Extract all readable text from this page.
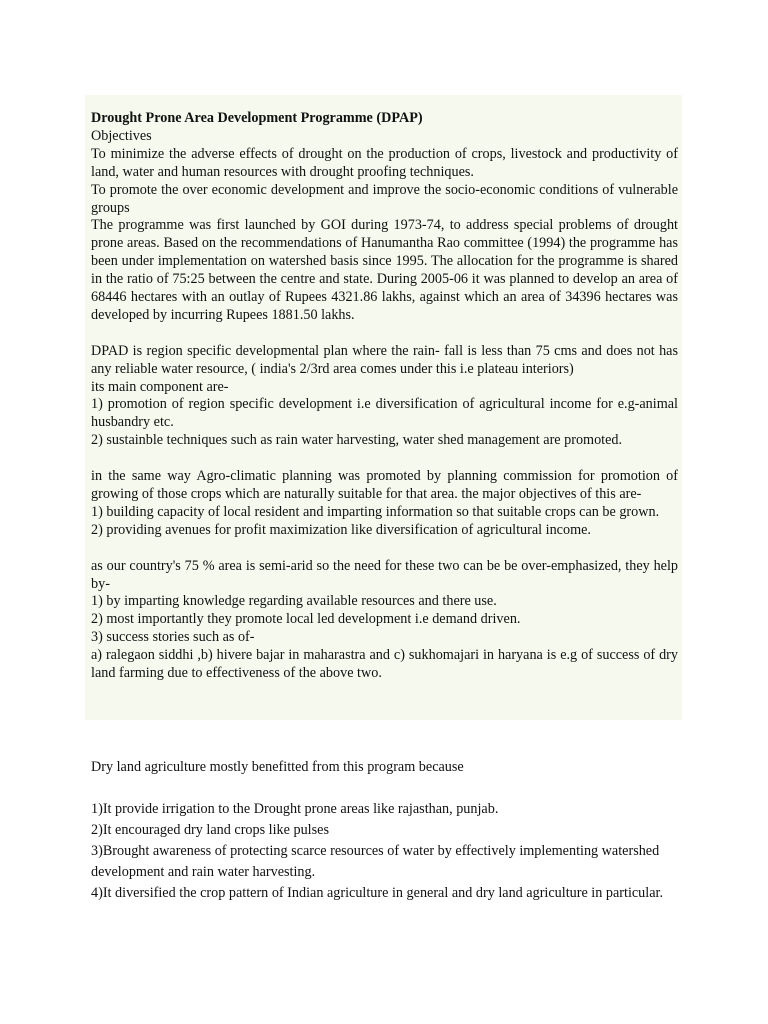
Drought Prone Area Development Programme (DPAP)

Objectives

To minimize the adverse effects of drought on the production of crops, livestock and productivity of land, water and human resources with drought proofing techniques.

To promote the over economic development and improve the socio-economic conditions of vulnerable groups

The programme was first launched by GOI during 1973-74, to address special problems of drought prone areas. Based on the recommendations of Hanumantha Rao committee (1994) the programme has been under implementation on watershed basis since 1995. The allocation for the programme is shared in the ratio of 75:25 between the centre and state. During 2005-06 it was planned to develop an area of 68446 hectares with an outlay of Rupees 4321.86 lakhs, against which an area of 34396 hectares was developed by incurring Rupees 1881.50 lakhs.

DPAD is region specific developmental plan where the rain- fall is less than 75 cms and does not has any reliable water resource, ( india's 2/3rd area comes under this i.e plateau interiors)

its main component are-

1) promotion of region specific development i.e diversification of agricultural income for e.g-animal husbandry etc.

2) sustainble techniques such as rain water harvesting, water shed management are promoted.

in the same way Agro-climatic planning was promoted by planning commission for promotion of growing of those crops which are naturally suitable for that area. the major objectives of this are-

1) building capacity of local resident and imparting information so that suitable crops can be grown.

2) providing avenues for profit maximization like diversification of agricultural income.

as our country's 75 % area is semi-arid so the need for these two can be be over-emphasized, they help by-

1) by imparting knowledge regarding available resources and there use.

2) most importantly they promote local led development i.e demand driven.

3) success stories such as of-

a) ralegaon siddhi ,b) hivere bajar in maharastra and c) sukhomajari in haryana is e.g of success of dry land farming due to effectiveness of the above two.

Dry land agriculture mostly benefitted from this program because

1)It provide irrigation to the Drought prone areas like rajasthan, punjab.

2)It encouraged dry land crops like pulses

3)Brought awareness of protecting scarce resources of water by effectively implementing watershed development and rain water harvesting.

4)It diversified the crop pattern of Indian agriculture in general and dry land agriculture in particular.
